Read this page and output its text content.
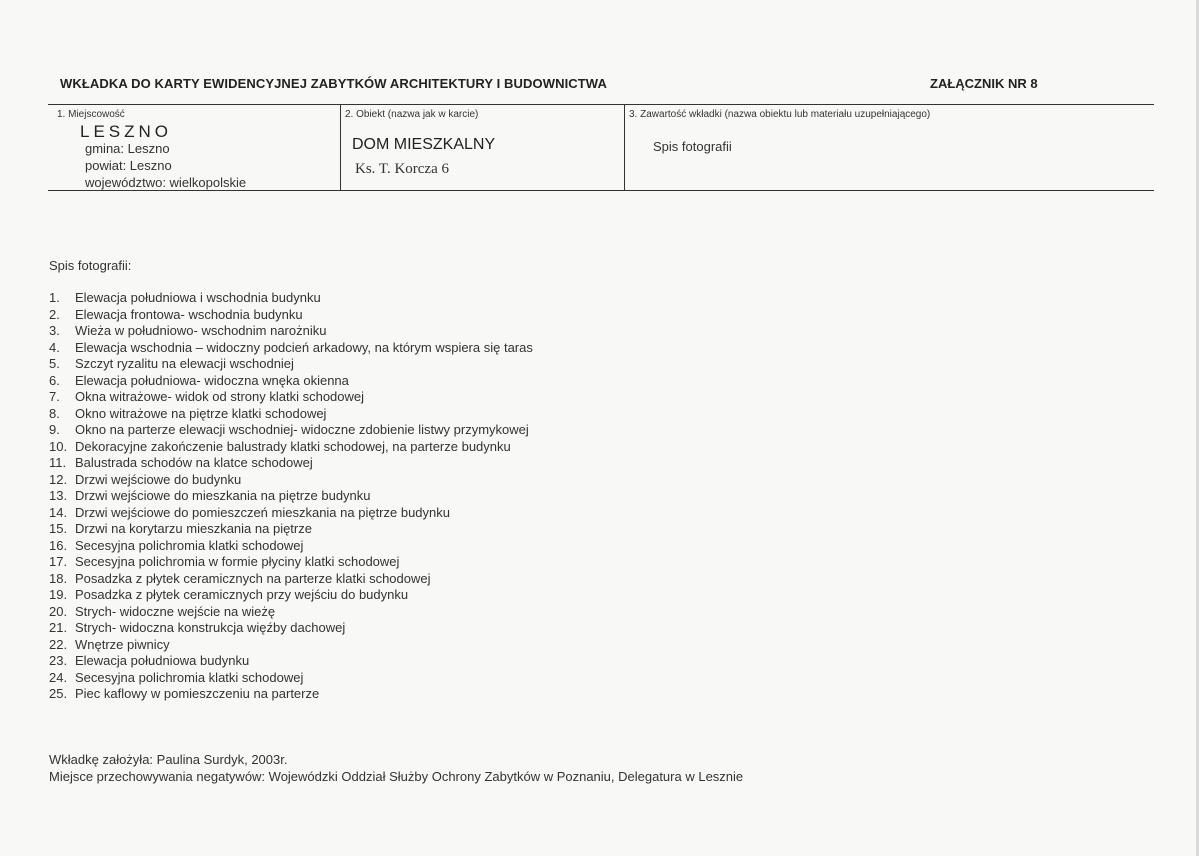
WKŁADKA DO KARTY EWIDENCYJNEJ ZABYTKÓW ARCHITEKTURY I BUDOWNICTWA	ZAŁĄCZNIK NR 8
1. Miejscowość
LESZNO
gmina: Leszno
powiat: Leszno
województwo: wielkopolskie
2. Obiekt (nazwa jak w karcie)
DOM MIESZKALNY
Ks. T. Korcza 6
3. Zawartość wkładki (nazwa obiektu lub materiału uzupełniającego)
Spis fotografii
Spis fotografii:
1. Elewacja południowa i wschodnia budynku
2. Elewacja frontowa- wschodnia budynku
3. Wieża w południowo- wschodnim narożniku
4. Elewacja wschodnia – widoczny podcień arkadowy, na którym wspiera się taras
5. Szczyt ryzalitu na elewacji wschodniej
6. Elewacja południowa- widoczna wnęka okienna
7. Okna witrażowe- widok od strony klatki schodowej
8. Okno witrażowe na piętrze klatki schodowej
9. Okno na parterze elewacji wschodniej- widoczne zdobienie listwy przymykowej
10. Dekoracyjne zakończenie balustrady klatki schodowej, na parterze budynku
11. Balustrada schodów na klatce schodowej
12. Drzwi wejściowe do budynku
13. Drzwi wejściowe do mieszkania na piętrze budynku
14. Drzwi wejściowe do pomieszczeń mieszkania na piętrze budynku
15. Drzwi na korytarzu mieszkania na piętrze
16. Secesyjna polichromia klatki schodowej
17. Secesyjna polichromia w formie płyciny klatki schodowej
18. Posadzka z płytek ceramicznych na parterze klatki schodowej
19. Posadzka z płytek ceramicznych przy wejściu do budynku
20. Strych- widoczne wejście na wieżę
21. Strych- widoczna konstrukcja więźby dachowej
22. Wnętrze piwnicy
23. Elewacja południowa budynku
24. Secesyjna polichromia klatki schodowej
25. Piec kaflowy w pomieszczeniu na parterze
Wkładkę założyła: Paulina Surdyk, 2003r.
Miejsce przechowywania negatywów: Wojewódzki Oddział Służby Ochrony Zabytków w Poznaniu, Delegatura w Lesznie
